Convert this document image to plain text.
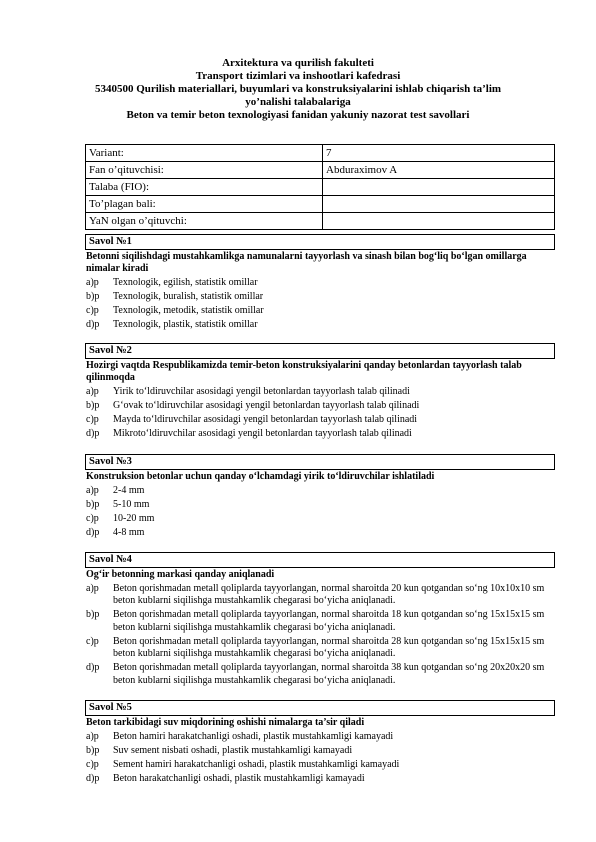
Arxitektura va qurilish fakulteti
Transport tizimlari va inshootlari kafedrasi
5340500 Qurilish materiallari, buyumlari va konstruksiyalarini ishlab chiqarish ta’lim
yo’nalishi talabalariga
Beton va temir beton texnologiyasi fanidan yakuniy nazorat test savollari
Variant:	7
Fan o’qituvchisi:	Abduraximov A
Talaba (FIO):	
To’plagan bali:	
YaN olgan o’qituvchi:	
Savol №1
Betonni siqilishdagi mustahkamlikga namunalarni tayyorlash va sinash bilan bog‘liq bo‘lgan omillarga nimalar kiradi
a)p	Texnologik, egilish, statistik omillar
b)p	Texnologik, buralish, statistik omillar
c)p	Texnologik, metodik, statistik omillar
d)p	Texnologik, plastik, statistik omillar
Savol №2
Hozirgi vaqtda Respublikamizda temir-beton konstruksiyalarini qanday betonlardan tayyorlash talab qilinmoqda
a)p	Yirik to‘ldiruvchilar asosidagi yengil betonlardan tayyorlash talab qilinadi
b)p	G‘ovak to‘ldiruvchilar asosidagi yengil betonlardan tayyorlash talab qilinadi
c)p	Mayda to‘ldiruvchilar asosidagi yengil betonlardan tayyorlash talab qilinadi
d)p	Mikroto‘ldiruvchilar asosidagi yengil betonlardan tayyorlash talab qilinadi
Savol №3
Konstruksion betonlar uchun qanday o‘lchamdagi yirik to‘ldiruvchilar ishlatiladi
a)p	2-4 mm
b)p	5-10 mm
c)p	10-20 mm
d)p	4-8 mm
Savol №4
Og‘ir betonning markasi qanday aniqlanadi
a)p	Beton qorishmadan metall qoliplarda tayyorlangan, normal sharoitda 20 kun qotgandan so‘ng 10x10x10 sm beton kublarni siqilishga mustahkamlik chegarasi bo‘yicha aniqlanadi.
b)p	Beton qorishmadan metall qoliplarda tayyorlangan, normal sharoitda 18 kun qotgandan so‘ng 15x15x15 sm beton kublarni siqilishga mustahkamlik chegarasi bo‘yicha aniqlanadi.
c)p	Beton qorishmadan metall qoliplarda tayyorlangan, normal sharoitda 28 kun qotgandan so‘ng 15x15x15 sm beton kublarni siqilishga mustahkamlik chegarasi bo‘yicha aniqlanadi.
d)p	Beton qorishmadan metall qoliplarda tayyorlangan, normal sharoitda 38 kun qotgandan so‘ng 20x20x20 sm beton kublarni siqilishga mustahkamlik chegarasi bo‘yicha aniqlanadi.
Savol №5
Beton tarkibidagi suv miqdorining oshishi nimalarga ta’sir qiladi
a)p	Beton hamiri harakatchanligi oshadi, plastik mustahkamligi kamayadi
b)p	Suv sement nisbati oshadi, plastik mustahkamligi kamayadi
c)p	Sement hamiri harakatchanligi oshadi, plastik mustahkamligi kamayadi
d)p	Beton harakatchanligi oshadi, plastik mustahkamligi kamayadi
